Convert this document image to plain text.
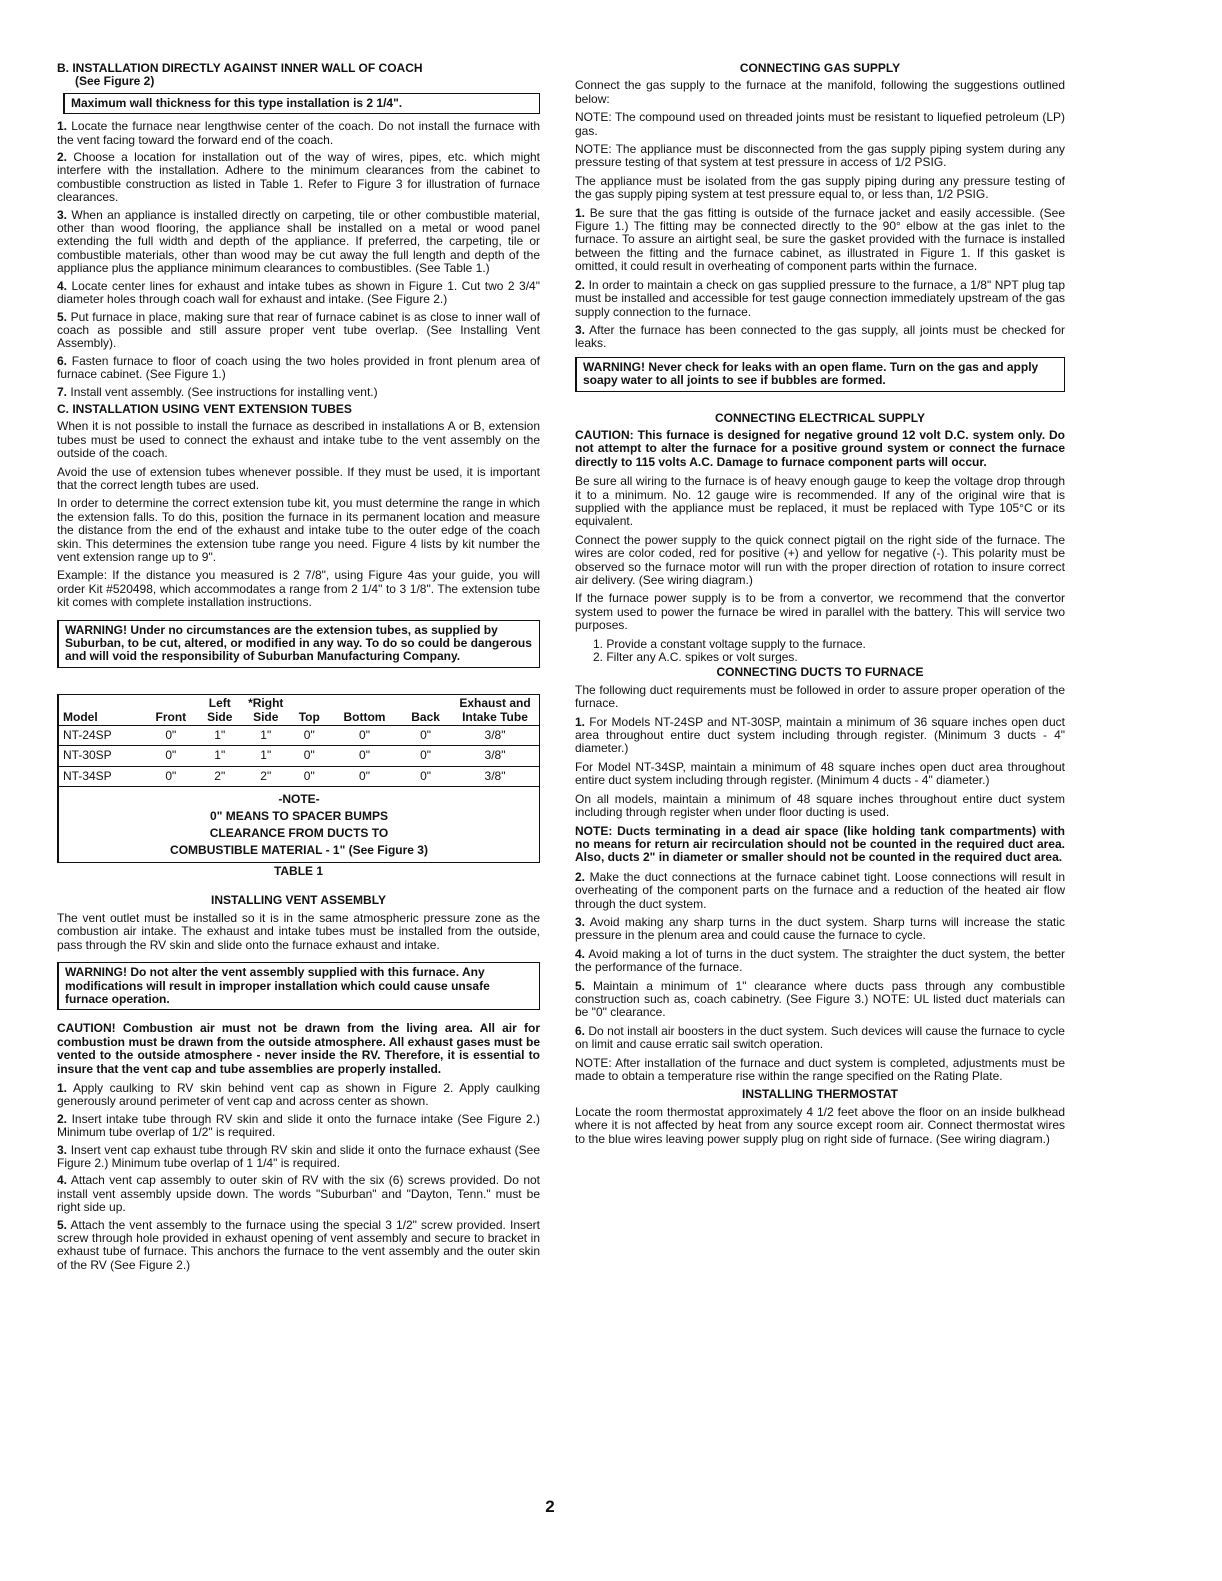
B. INSTALLATION DIRECTLY AGAINST INNER WALL OF COACH
(See Figure 2)
Maximum wall thickness for this type installation is 2 1/4".

1. Locate the furnace near lengthwise center of the coach. Do not install the furnace with the vent facing toward the forward end of the coach.

2. Choose a location for installation out of the way of wires, pipes, etc. which might interfere with the installation. Adhere to the minimum clearances from the cabinet to combustible construction as listed in Table 1. Refer to Figure 3 for illustration of furnace clearances.

3. When an appliance is installed directly on carpeting, tile or other combustible material, other than wood flooring, the appliance shall be installed on a metal or wood panel extending the full width and depth of the appliance. If preferred, the carpeting, tile or combustible materials, other than wood may be cut away the full length and depth of the appliance plus the appliance minimum clearances to combustibles. (See Table 1.)

4. Locate center lines for exhaust and intake tubes as shown in Figure 1. Cut two 2 3/4" diameter holes through coach wall for exhaust and intake. (See Figure 2.)

5. Put furnace in place, making sure that rear of furnace cabinet is as close to inner wall of coach as possible and still assure proper vent tube overlap. (See Installing Vent Assembly).

6. Fasten furnace to floor of coach using the two holes provided in front plenum area of furnace cabinet. (See Figure 1.)

7. Install vent assembly. (See instructions for installing vent.)

C. INSTALLATION USING VENT EXTENSION TUBES

When it is not possible to install the furnace as described in installations A or B, extension tubes must be used to connect the exhaust and intake tube to the vent assembly on the outside of the coach.

Avoid the use of extension tubes whenever possible. If they must be used, it is important that the correct length tubes are used.

In order to determine the correct extension tube kit, you must determine the range in which the extension falls. To do this, position the furnace in its permanent location and measure the distance from the end of the exhaust and intake tube to the outer edge of the coach skin. This determines the extension tube range you need. Figure 4 lists by kit number the vent extension range up to 9".

Example: If the distance you measured is 2 7/8", using Figure 4as your guide, you will order Kit #520498, which accommodates a range from 2 1/4" to 3 1/8". The extension tube kit comes with complete installation instructions.

WARNING! Under no circumstances are the extension tubes, as supplied by Suburban, to be cut, altered, or modified in any way. To do so could be dangerous and will void the responsibility of Suburban Manufacturing Company.
Model	Front	Left Side	*Right Side	Top	Bottom	Back	Exhaust and Intake Tube
NT-24SP	0"	1"	1"	0"	0"	0"	3/8"
NT-30SP	0"	1"	1"	0"	0"	0"	3/8"
NT-34SP	0"	2"	2"	0"	0"	0"	3/8"
-NOTE-
0" MEANS TO SPACER BUMPS
CLEARANCE FROM DUCTS TO
COMBUSTIBLE MATERIAL - 1" (See Figure 3)
TABLE 1
INSTALLING VENT ASSEMBLY

The vent outlet must be installed so it is in the same atmospheric pressure zone as the combustion air intake. The exhaust and intake tubes must be installed from the outside, pass through the RV skin and slide onto the furnace exhaust and intake.

WARNING! Do not alter the vent assembly supplied with this furnace. Any modifications will result in improper installation which could cause unsafe furnace operation.
CAUTION! Combustion air must not be drawn from the living area. All air for combustion must be drawn from the outside atmosphere. All exhaust gases must be vented to the outside atmosphere - never inside the RV. Therefore, it is essential to insure that the vent cap and tube assemblies are properly installed.

1. Apply caulking to RV skin behind vent cap as shown in Figure 2. Apply caulking generously around perimeter of vent cap and across center as shown.

2. Insert intake tube through RV skin and slide it onto the furnace intake (See Figure 2.) Minimum tube overlap of 1/2" is required.

3. Insert vent cap exhaust tube through RV skin and slide it onto the furnace exhaust (See Figure 2.) Minimum tube overlap of 1 1/4" is required.

4. Attach vent cap assembly to outer skin of RV with the six (6) screws provided. Do not install vent assembly upside down. The words "Suburban" and "Dayton, Tenn." must be right side up.

5. Attach the vent assembly to the furnace using the special 3 1/2" screw provided. Insert screw through hole provided in exhaust opening of vent assembly and secure to bracket in exhaust tube of furnace. This anchors the furnace to the vent assembly and the outer skin of the RV (See Figure 2.)

CONNECTING GAS SUPPLY

Connect the gas supply to the furnace at the manifold, following the suggestions outlined below:

NOTE: The compound used on threaded joints must be resistant to liquefied petroleum (LP) gas.

NOTE: The appliance must be disconnected from the gas supply piping system during any pressure testing of that system at test pressure in access of 1/2 PSIG.

The appliance must be isolated from the gas supply piping during any pressure testing of the gas supply piping system at test pressure equal to, or less than, 1/2 PSIG.

1. Be sure that the gas fitting is outside of the furnace jacket and easily accessible. (See Figure 1.) The fitting may be connected directly to the 90° elbow at the gas inlet to the furnace. To assure an airtight seal, be sure the gasket provided with the furnace is installed between the fitting and the furnace cabinet, as illustrated in Figure 1. If this gasket is omitted, it could result in overheating of component parts within the furnace.

2. In order to maintain a check on gas supplied pressure to the furnace, a 1/8" NPT plug tap must be installed and accessible for test gauge connection immediately upstream of the gas supply connection to the furnace.

3. After the furnace has been connected to the gas supply, all joints must be checked for leaks.

WARNING! Never check for leaks with an open flame. Turn on the gas and apply soapy water to all joints to see if bubbles are formed.
CONNECTING ELECTRICAL SUPPLY
CAUTION: This furnace is designed for negative ground 12 volt D.C. system only. Do not attempt to alter the furnace for a positive ground system or connect the furnace directly to 115 volts A.C. Damage to furnace component parts will occur.

Be sure all wiring to the furnace is of heavy enough gauge to keep the voltage drop through it to a minimum. No. 12 gauge wire is recommended. If any of the original wire that is supplied with the appliance must be replaced, it must be replaced with Type 105°C or its equivalent.

Connect the power supply to the quick connect pigtail on the right side of the furnace. The wires are color coded, red for positive (+) and yellow for negative (-). This polarity must be observed so the furnace motor will run with the proper direction of rotation to insure correct air delivery. (See wiring diagram.)

If the furnace power supply is to be from a convertor, we recommend that the convertor system used to power the furnace be wired in parallel with the battery. This will service two purposes.

1. Provide a constant voltage supply to the furnace.
2. Filter any A.C. spikes or volt surges.
CONNECTING DUCTS TO FURNACE

The following duct requirements must be followed in order to assure proper operation of the furnace.

1. For Models NT-24SP and NT-30SP, maintain a minimum of 36 square inches open duct area throughout entire duct system including through register. (Minimum 3 ducts - 4" diameter.)

For Model NT-34SP, maintain a minimum of 48 square inches open duct area throughout entire duct system including through register. (Minimum 4 ducts - 4" diameter.)

On all models, maintain a minimum of 48 square inches throughout entire duct system including through register when under floor ducting is used.

NOTE: Ducts terminating in a dead air space (like holding tank compartments) with no means for return air recirculation should not be counted in the required duct area. Also, ducts 2" in diameter or smaller should not be counted in the required duct area.

2. Make the duct connections at the furnace cabinet tight. Loose connections will result in overheating of the component parts on the furnace and a reduction of the heated air flow through the duct system.

3. Avoid making any sharp turns in the duct system. Sharp turns will increase the static pressure in the plenum area and could cause the furnace to cycle.

4. Avoid making a lot of turns in the duct system. The straighter the duct system, the better the performance of the furnace.

5. Maintain a minimum of 1" clearance where ducts pass through any combustible construction such as, coach cabinetry. (See Figure 3.) NOTE: UL listed duct materials can be "0" clearance.

6. Do not install air boosters in the duct system. Such devices will cause the furnace to cycle on limit and cause erratic sail switch operation.

NOTE: After installation of the furnace and duct system is completed, adjustments must be made to obtain a temperature rise within the range specified on the Rating Plate.

INSTALLING THERMOSTAT

Locate the room thermostat approximately 4 1/2 feet above the floor on an inside bulkhead where it is not affected by heat from any source except room air. Connect thermostat wires to the blue wires leaving power supply plug on right side of furnace. (See wiring diagram.)

2
